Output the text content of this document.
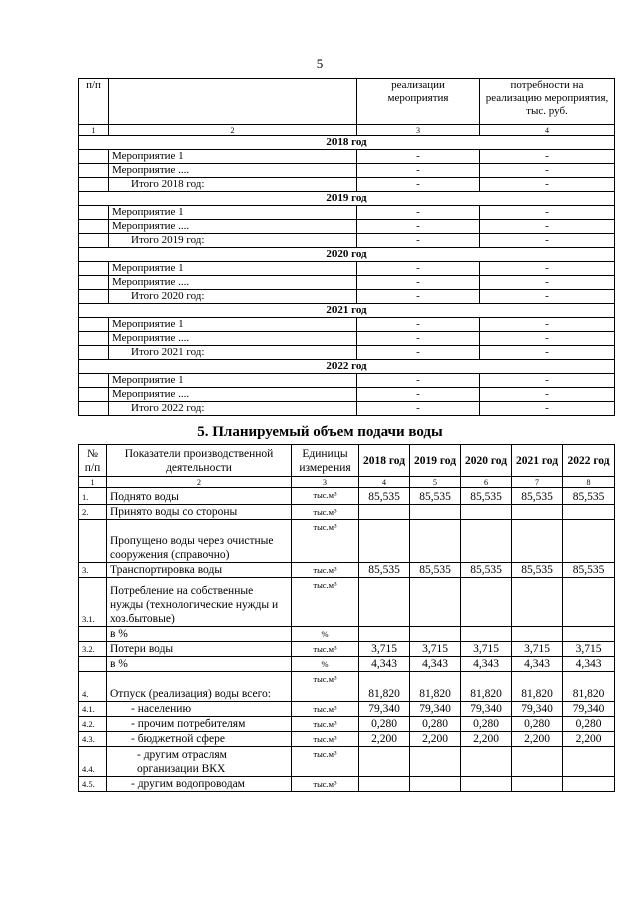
5
п/п		реализации мероприятия	потребности на реализацию мероприятия, тыс. руб.
1	2	3	4
2018 год			
	Мероприятие 1	-	-
	Мероприятие ....	-	-
	Итого 2018 год:	-	-
2019 год			
	Мероприятие 1	-	-
	Мероприятие ....	-	-
	Итого 2019 год:	-	-
2020 год			
	Мероприятие 1	-	-
	Мероприятие ....	-	-
	Итого 2020 год:	-	-
2021 год			
	Мероприятие 1	-	-
	Мероприятие ....	-	-
	Итого 2021 год:	-	-
2022 год			
	Мероприятие 1	-	-
	Мероприятие ....	-	-
	Итого 2022 год:	-	-
5. Планируемый объем подачи воды
№ п/п	Показатели производственной деятельности	Единицы измерения	2018 год	2019 год	2020 год	2021 год	2022 год
1	2	3	4	5	6	7	8
1.	Поднято воды	тыс.м³	85,535	85,535	85,535	85,535	85,535
2.	Принято воды со стороны	тыс.м³					
	Пропущено воды через очистные сооружения (справочно)	тыс.м³					
3.	Транспортировка воды	тыс.м³	85,535	85,535	85,535	85,535	85,535
3.1.	Потребление на собственные нужды (технологические нужды и хоз.бытовые)	тыс.м³					
	в %	%					
3.2.	Потери воды	тыс.м³	3,715	3,715	3,715	3,715	3,715
	в %	%	4,343	4,343	4,343	4,343	4,343
4.	Отпуск (реализация) воды всего:	тыс.м³	81,820	81,820	81,820	81,820	81,820
4.1.	- населению	тыс.м³	79,340	79,340	79,340	79,340	79,340
4.2.	- прочим потребителям	тыс.м³	0,280	0,280	0,280	0,280	0,280
4.3.	- бюджетной сфере	тыс.м³	2,200	2,200	2,200	2,200	2,200
4.4.	- другим отраслям организации ВКХ	тыс.м³					
4.5.	- другим водопроводам	тыс.м³					
